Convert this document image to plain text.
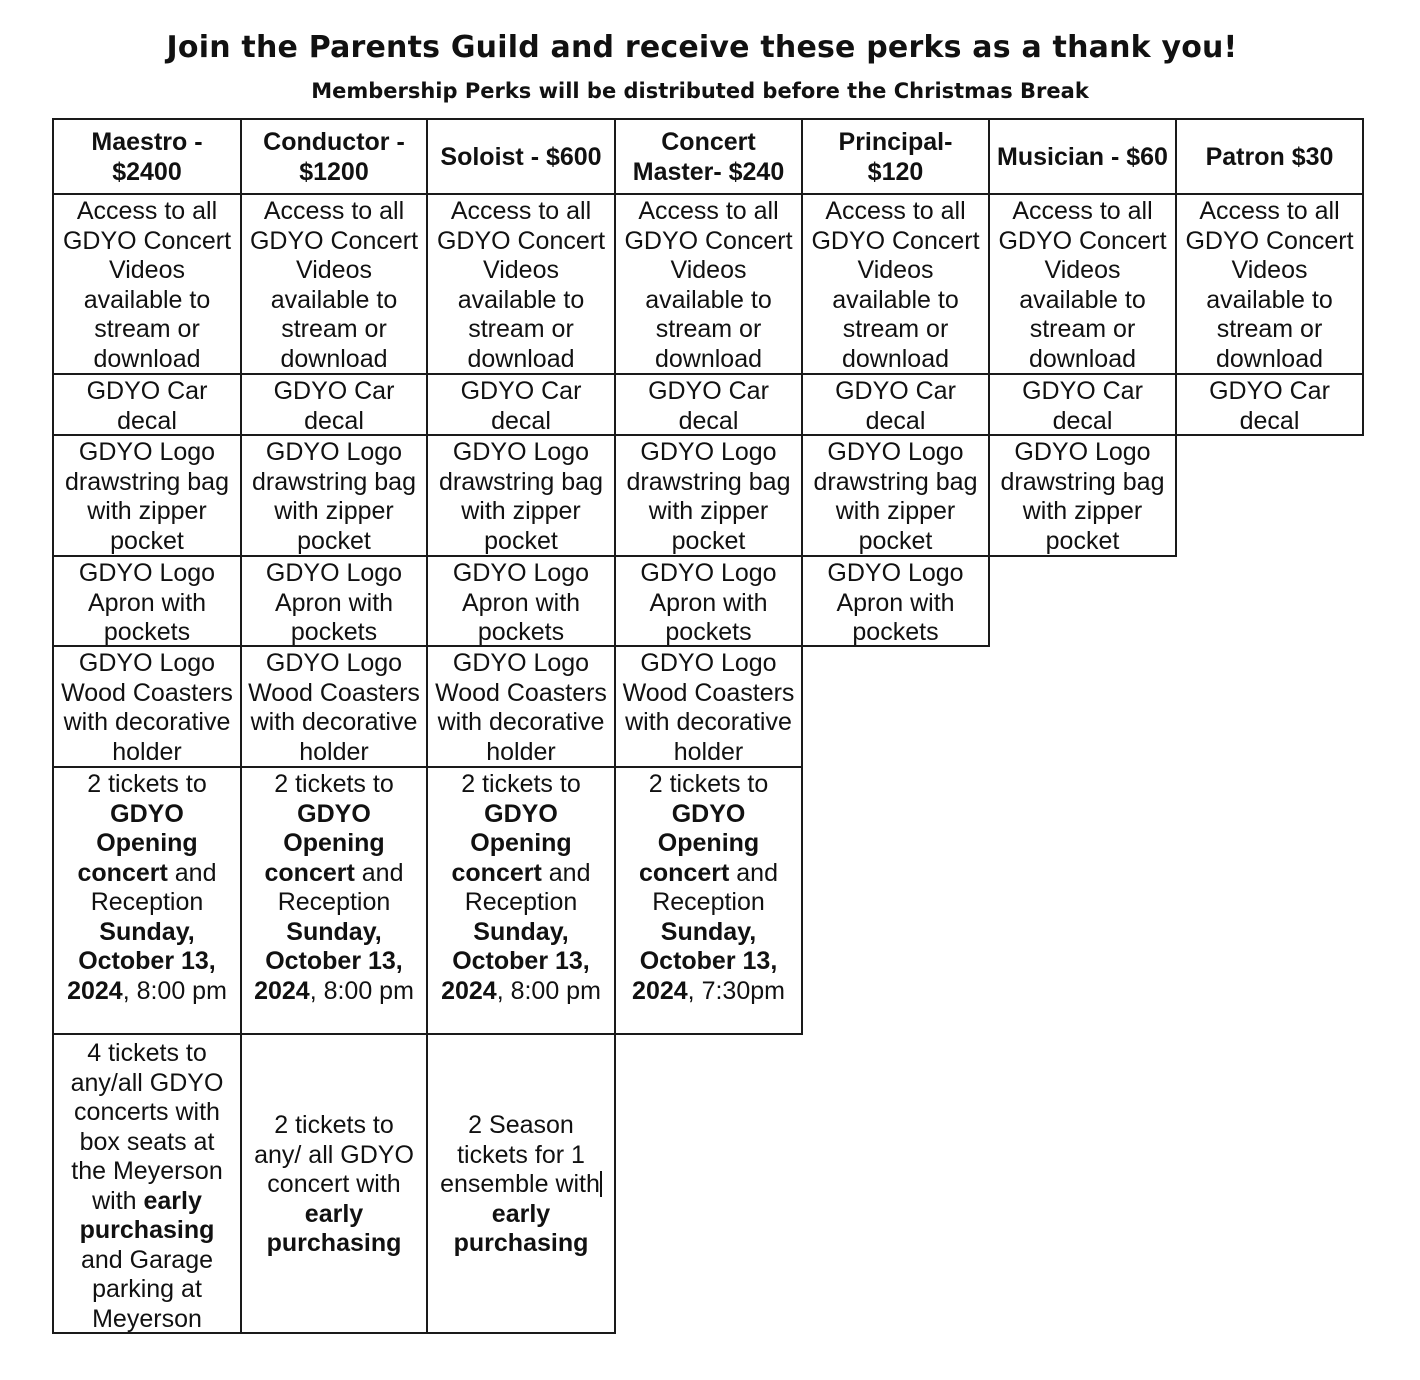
Join the Parents Guild and receive these perks as a thank you!
Membership Perks will be distributed before the Christmas Break
Maestro -
$2400
Conductor -
$1200
Soloist - $600
Concert
Master- $240
Principal-
$120
Musician - $60 Patron $30
Access to all
GDYO Concert
Videos
available to
stream or
download
Access to all
GDYO Concert
Videos
available to
stream or
download
Access to all
GDYO Concert
Videos
available to
stream or
download
Access to all
GDYO Concert
Videos
available to
stream or
download
Access to all
GDYO Concert
Videos
available to
stream or
download
Access to all
GDYO Concert
Videos
available to
stream or
download
Access to all
GDYO Concert
Videos
available to
stream or
download
GDYO Car
decal
GDYO Car
decal
GDYO Car
decal
GDYO Car
decal
GDYO Car
decal
GDYO Car
decal
GDYO Car
decal
GDYO Logo
drawstring bag
with zipper
pocket
GDYO Logo
drawstring bag
with zipper
pocket
GDYO Logo
drawstring bag
with zipper
pocket
GDYO Logo
drawstring bag
with zipper
pocket
GDYO Logo
drawstring bag
with zipper
pocket
GDYO Logo
drawstring bag
with zipper
pocket
GDYO Logo
Apron with
pockets
GDYO Logo
Apron with
pockets
GDYO Logo
Apron with
pockets
GDYO Logo
Apron with
pockets
GDYO Logo
Apron with
pockets
GDYO Logo
Wood Coasters
with decorative
holder
GDYO Logo
Wood Coasters
with decorative
holder
GDYO Logo
Wood Coasters
with decorative
holder
GDYO Logo
Wood Coasters
with decorative
holder
2 tickets to
GDYO
Opening
concert and
Reception
Sunday,
October 13,
2024, 8:00 pm
2 tickets to
GDYO
Opening
concert and
Reception
Sunday,
October 13,
2024, 8:00 pm
2 tickets to
GDYO
Opening
concert and
Reception
Sunday,
October 13,
2024, 8:00 pm
2 tickets to
GDYO
Opening
concert and
Reception
Sunday,
October 13,
2024, 7:30pm
4 tickets to
any/all GDYO
concerts with
box seats at
the Meyerson
with early
purchasing
and Garage
parking at
Meyerson
2 tickets to
any/ all GDYO
concert with
early
purchasing
2 Season
tickets for 1
ensemble with
early
purchasing
